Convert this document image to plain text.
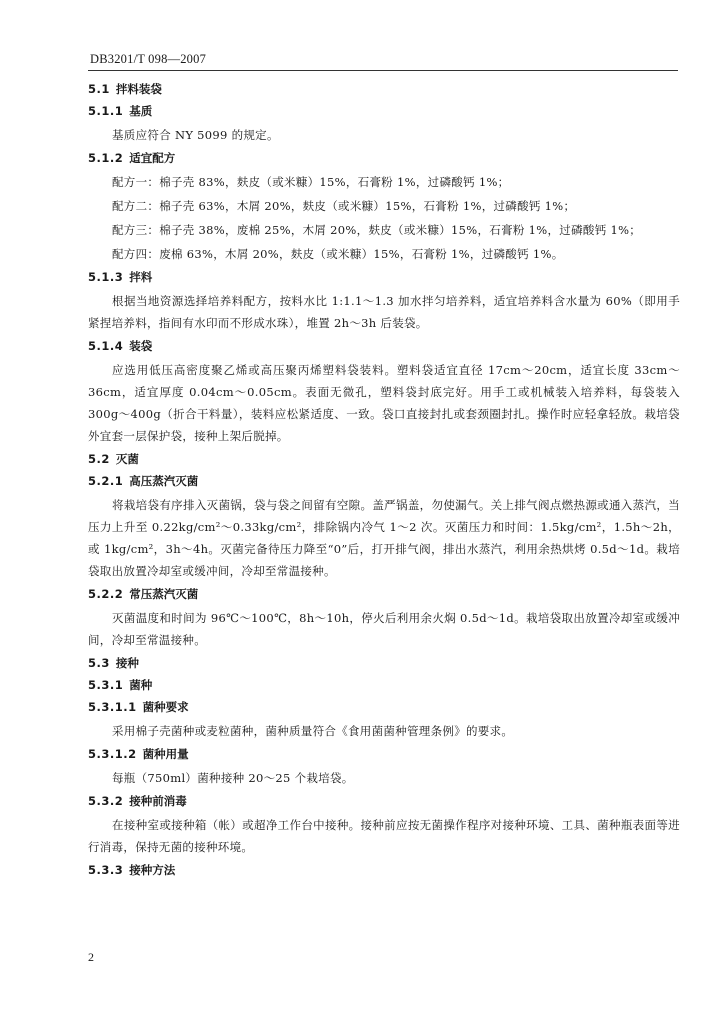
DB3201/T 098—2007
5.1 拌料装袋
5.1.1 基质
基质应符合 NY 5099 的规定。
5.1.2 适宜配方
配方一：棉子壳 83%，麸皮（或米糠）15%，石膏粉 1%，过磷酸钙 1%；
配方二：棉子壳 63%，木屑 20%，麸皮（或米糠）15%，石膏粉 1%，过磷酸钙 1%；
配方三：棉子壳 38%，废棉 25%，木屑 20%，麸皮（或米糠）15%，石膏粉 1%，过磷酸钙 1%；
配方四：废棉 63%，木屑 20%，麸皮（或米糠）15%，石膏粉 1%，过磷酸钙 1%。
5.1.3 拌料
根据当地资源选择培养料配方，按料水比 1:1.1～1.3 加水拌匀培养料，适宜培养料含水量为 60%（即用手紧捏培养料，指间有水印而不形成水珠），堆置 2h～3h 后装袋。
5.1.4 装袋
应选用低压高密度聚乙烯或高压聚丙烯塑料袋装料。塑料袋适宜直径 17cm～20cm，适宜长度 33cm～36cm，适宜厚度 0.04cm～0.05cm。表面无微孔，塑料袋封底完好。用手工或机械装入培养料，每袋装入 300g～400g（折合干料量），装料应松紧适度、一致。袋口直接封扎或套颈圈封扎。操作时应轻拿轻放。栽培袋外宜套一层保护袋，接种上架后脱掉。
5.2 灭菌
5.2.1 高压蒸汽灭菌
将栽培袋有序排入灭菌锅，袋与袋之间留有空隙。盖严锅盖，勿使漏气。关上排气阀点燃热源或通入蒸汽，当压力上升至 0.22kg/cm²～0.33kg/cm²，排除锅内冷气 1～2 次。灭菌压力和时间：1.5kg/cm²，1.5h～2h，或 1kg/cm²，3h～4h。灭菌完备待压力降至“0”后，打开排气阀，排出水蒸汽，利用余热烘烤 0.5d～1d。栽培袋取出放置冷却室或缓冲间，冷却至常温接种。
5.2.2 常压蒸汽灭菌
灭菌温度和时间为 96℃～100℃，8h～10h，停火后利用余火焖 0.5d～1d。栽培袋取出放置冷却室或缓冲间，冷却至常温接种。
5.3 接种
5.3.1 菌种
5.3.1.1 菌种要求
采用棉子壳菌种或麦粒菌种，菌种质量符合《食用菌菌种管理条例》的要求。
5.3.1.2 菌种用量
每瓶（750ml）菌种接种 20～25 个栽培袋。
5.3.2 接种前消毒
在接种室或接种箱（帐）或超净工作台中接种。接种前应按无菌操作程序对接种环境、工具、菌种瓶表面等进行消毒，保持无菌的接种环境。
5.3.3 接种方法
2
